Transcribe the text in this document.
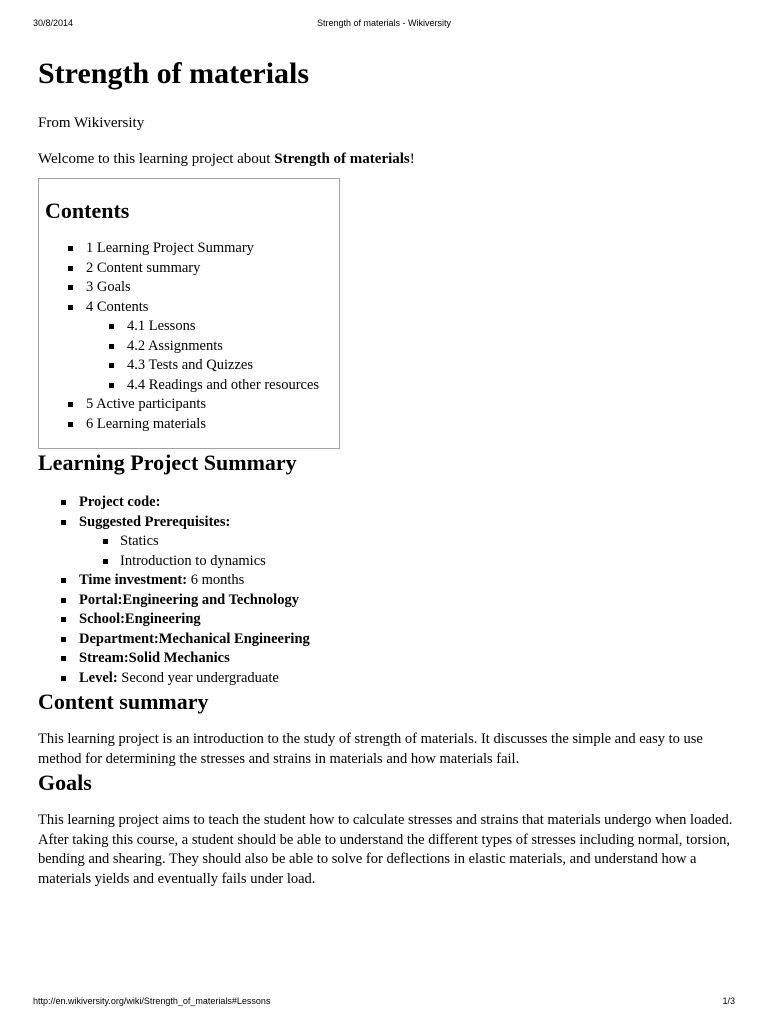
30/8/2014	Strength of materials - Wikiversity
Strength of materials
From Wikiversity
Welcome to this learning project about Strength of materials!
Contents
1 Learning Project Summary
2 Content summary
3 Goals
4 Contents
4.1 Lessons
4.2 Assignments
4.3 Tests and Quizzes
4.4 Readings and other resources
5 Active participants
6 Learning materials
Learning Project Summary
Project code:
Suggested Prerequisites:
Statics
Introduction to dynamics
Time investment: 6 months
Portal:Engineering and Technology
School:Engineering
Department:Mechanical Engineering
Stream:Solid Mechanics
Level: Second year undergraduate
Content summary

This learning project is an introduction to the study of strength of materials. It discusses the simple and easy to use method for determining the stresses and strains in materials and how materials fail.

Goals

This learning project aims to teach the student how to calculate stresses and strains that materials undergo when loaded. After taking this course, a student should be able to understand the different types of stresses including normal, torsion, bending and shearing. They should also be able to solve for deflections in elastic materials, and understand how a materials yields and eventually fails under load.

http://en.wikiversity.org/wiki/Strength_of_materials#Lessons	1/3
